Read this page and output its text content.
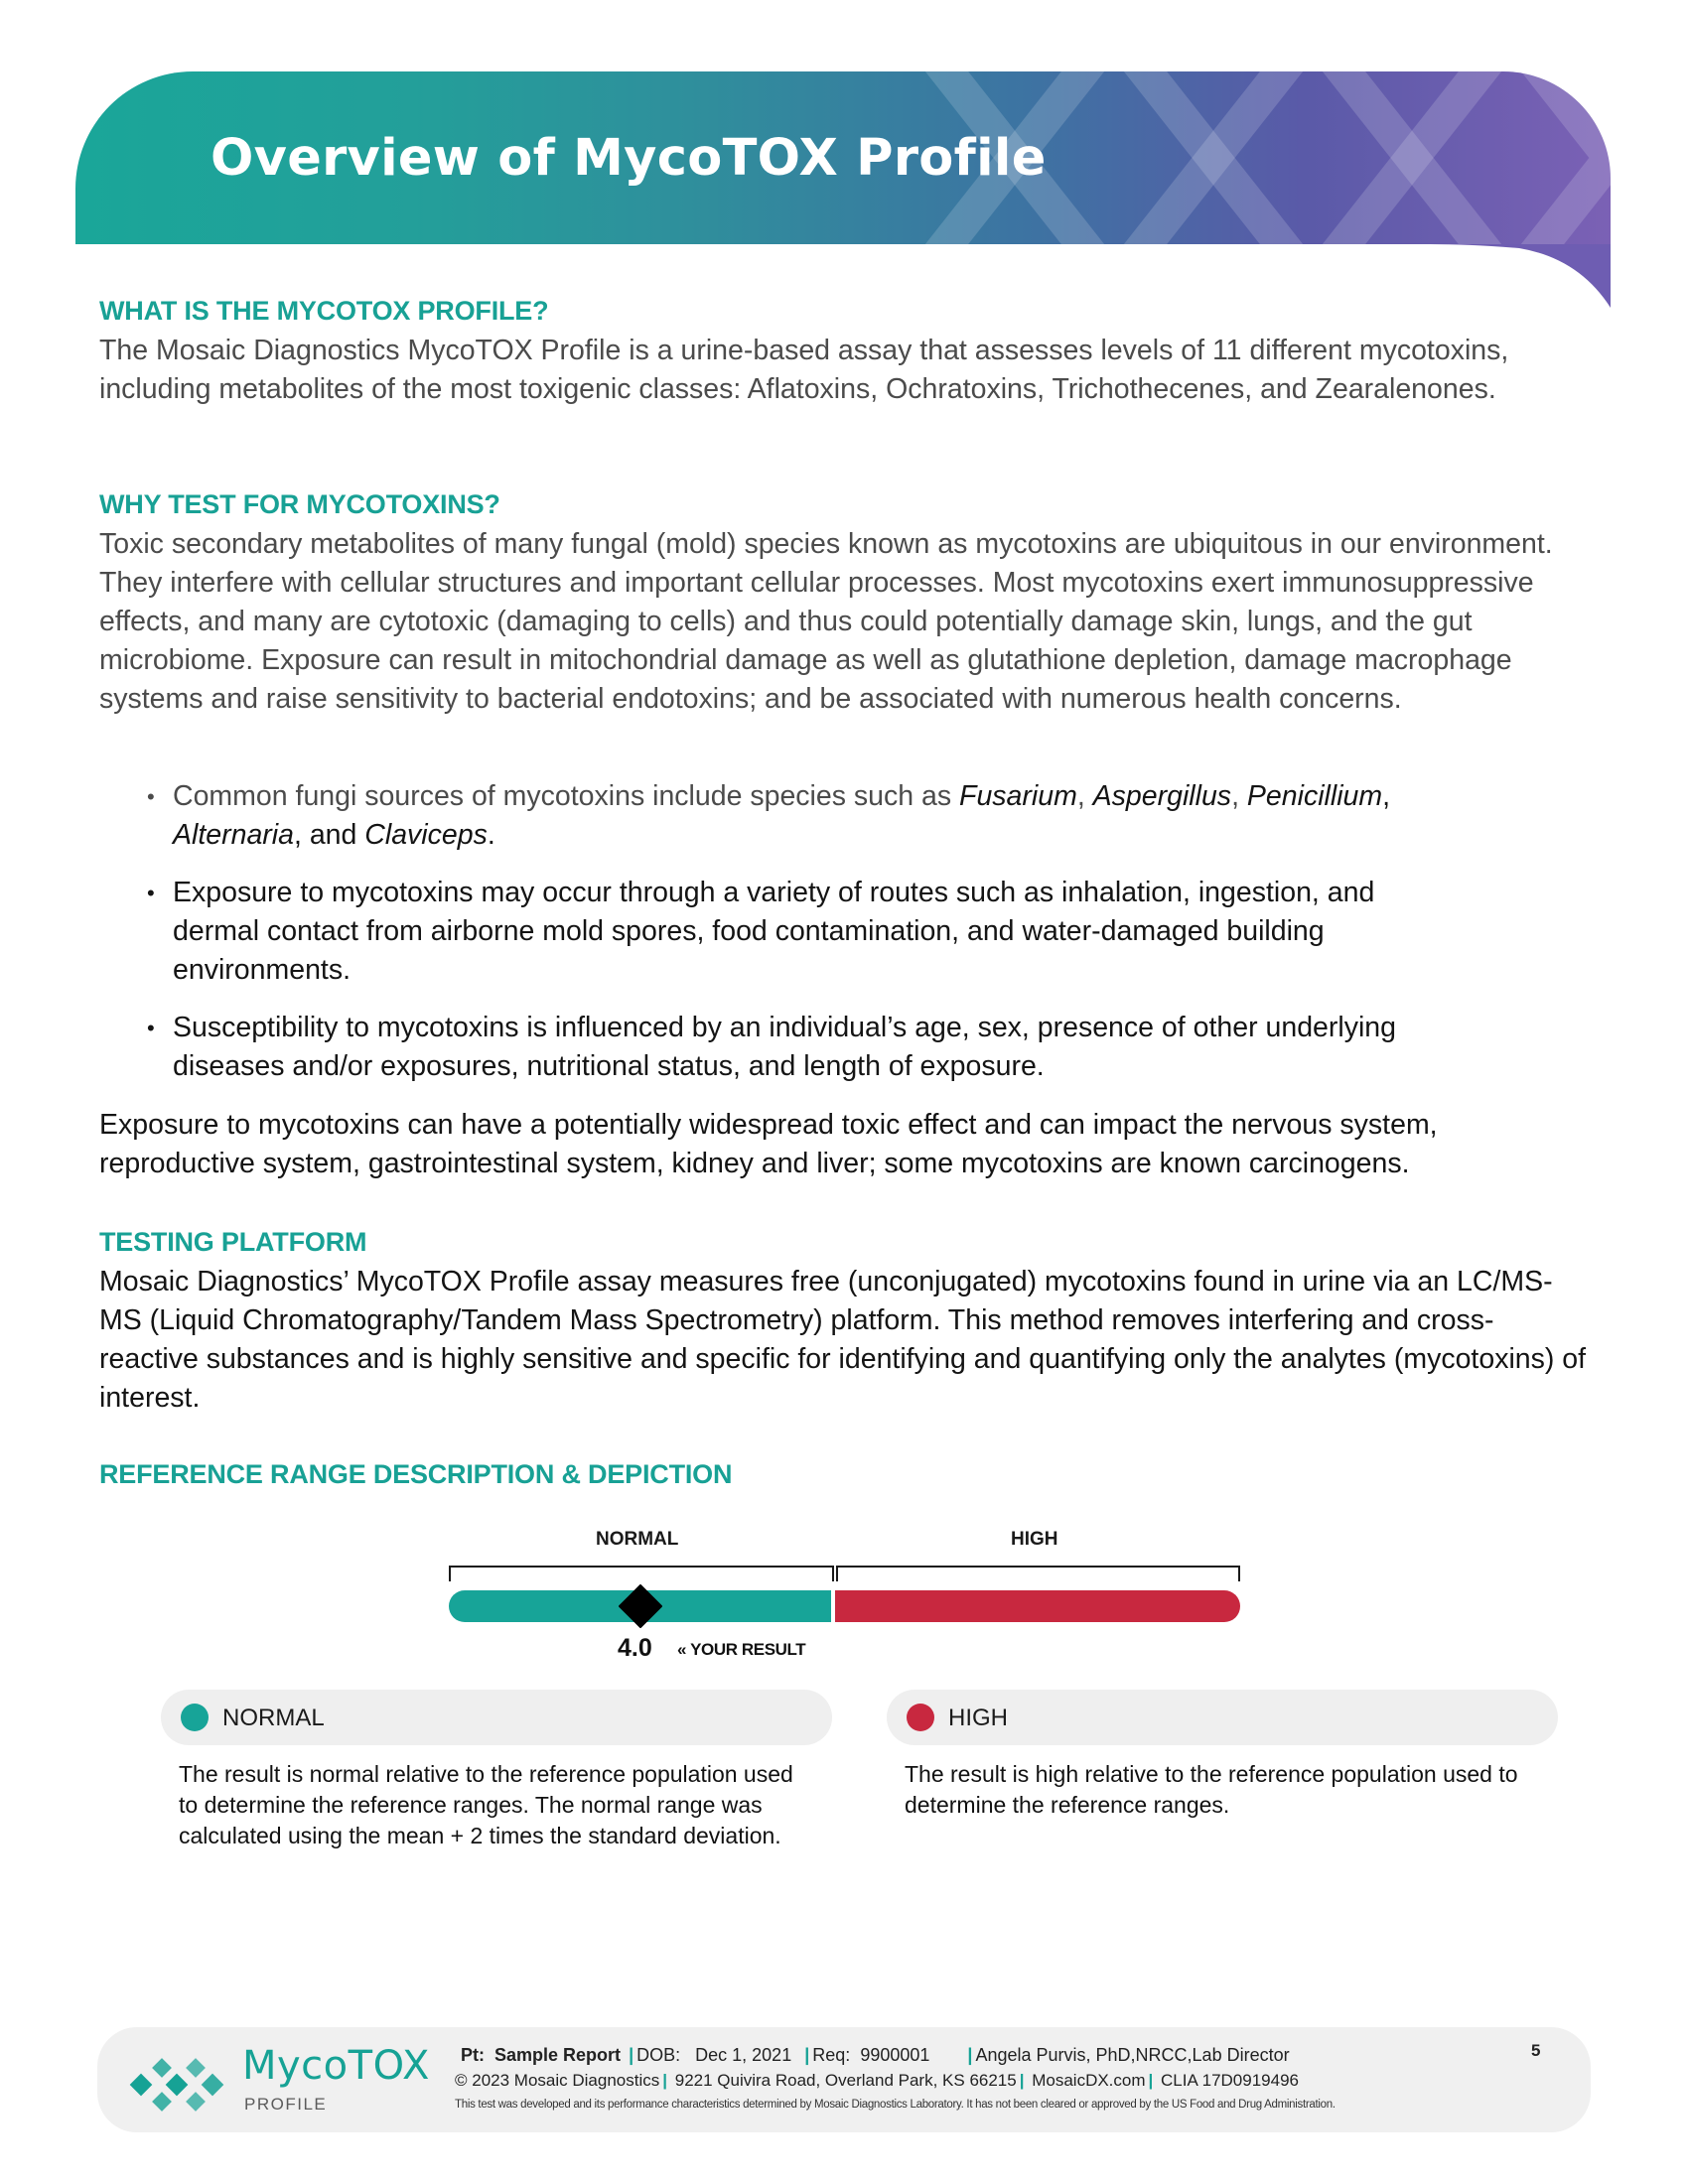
Overview of MycoTOX Profile
WHAT IS THE MYCOTOX PROFILE?

The Mosaic Diagnostics MycoTOX Profile is a urine-based assay that assesses levels of 11 different mycotoxins, including metabolites of the most toxigenic classes: Aflatoxins, Ochratoxins, Trichothecenes, and Zearalenones.

WHY TEST FOR MYCOTOXINS?

Toxic secondary metabolites of many fungal (mold) species known as mycotoxins are ubiquitous in our environment. They interfere with cellular structures and important cellular processes. Most mycotoxins exert immunosuppressive effects, and many are cytotoxic (damaging to cells) and thus could potentially damage skin, lungs, and the gut microbiome. Exposure can result in mitochondrial damage as well as glutathione depletion, damage macrophage systems and raise sensitivity to bacterial endotoxins; and be associated with numerous health concerns.

• Common fungi sources of mycotoxins include species such as Fusarium, Aspergillus, Penicillium, Alternaria, and Claviceps.
• Exposure to mycotoxins may occur through a variety of routes such as inhalation, ingestion, and dermal contact from airborne mold spores, food contamination, and water-damaged building environments.
• Susceptibility to mycotoxins is influenced by an individual’s age, sex, presence of other underlying diseases and/or exposures, nutritional status, and length of exposure.

Exposure to mycotoxins can have a potentially widespread toxic effect and can impact the nervous system, reproductive system, gastrointestinal system, kidney and liver; some mycotoxins are known carcinogens.

TESTING PLATFORM

Mosaic Diagnostics’ MycoTOX Profile assay measures free (unconjugated) mycotoxins found in urine via an LC/MS-MS (Liquid Chromatography/Tandem Mass Spectrometry) platform. This method removes interfering and cross-reactive substances and is highly sensitive and specific for identifying and quantifying only the analytes (mycotoxins) of interest.

REFERENCE RANGE DESCRIPTION & DEPICTION
NORMAL	HIGH
4.0 « YOUR RESULT
NORMAL	HIGH

The result is normal relative to the reference population used to determine the reference ranges. The normal range was calculated using the mean + 2 times the standard deviation.

The result is high relative to the reference population used to determine the reference ranges.

MycoTOX
PROFILE
Pt: Sample Report | DOB: Dec 1, 2021  | Req: 9900001       | Angela Purvis, PhD,NRCC,Lab Director
© 2023 Mosaic Diagnostics | 9221 Quivira Road, Overland Park, KS 66215 | MosaicDX.com | CLIA 17D0919496
This test was developed and its performance characteristics determined by Mosaic Diagnostics Laboratory. It has not been cleared or approved by the US Food and Drug Administration.
5
